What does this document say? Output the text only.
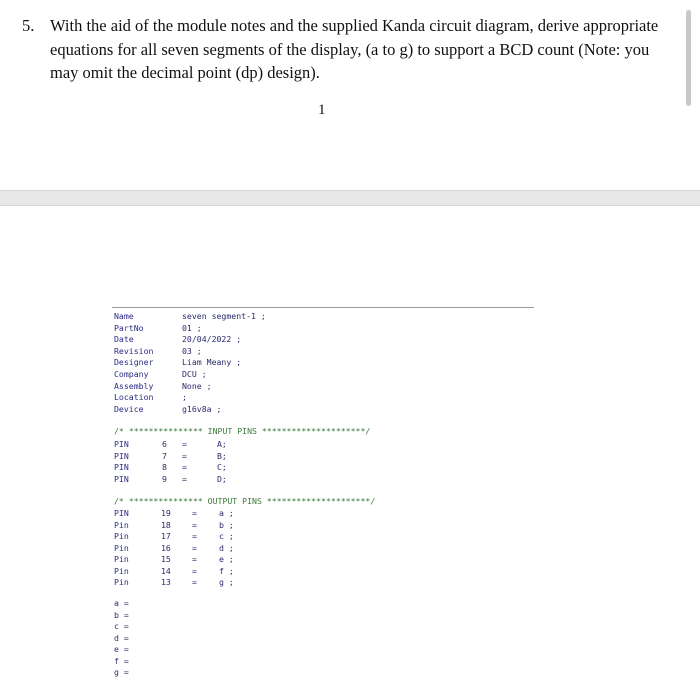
5. With the aid of the module notes and the supplied Kanda circuit diagram, derive appropriate equations for all seven segments of the display, (a to g) to support a BCD count (Note: you may omit the decimal point (dp) design).
1
Name	seven segment-1 ;
PartNo	01 ;
Date	20/04/2022 ;
Revision	03 ;
Designer	Liam Meany ;
Company	DCU ;
Assembly	None ;
Location	;
Device	g16v8a ;
/* *************** INPUT PINS *********************/
PIN	6 =	A;
PIN	7 =	B;
PIN	8 =	C;
PIN	9 =	D;
/* *************** OUTPUT PINS *********************/
PIN	19	=	a ;
Pin	18	=	b ;
Pin	17	=	c ;
Pin	16	=	d ;
Pin	15	=	e ;
Pin	14	=	f ;
Pin	13	=	g ;
a =
b =
c =
d =
e =
f =
g =
